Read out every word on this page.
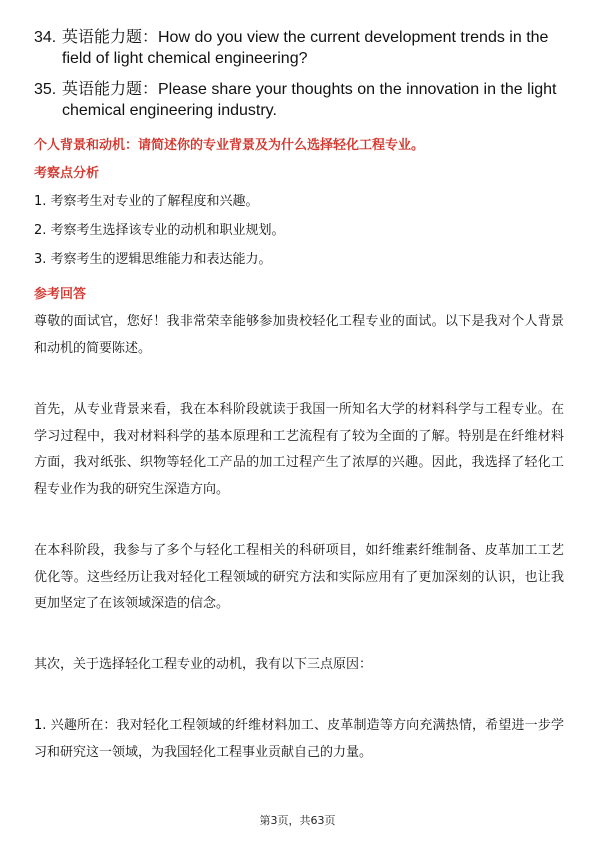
34. 英语能力题：How do you view the current development trends in the field of light chemical engineering?
35. 英语能力题：Please share your thoughts on the innovation in the light chemical engineering industry.
个人背景和动机：请简述你的专业背景及为什么选择轻化工程专业。
考察点分析
1. 考察考生对专业的了解程度和兴趣。
2. 考察考生选择该专业的动机和职业规划。
3. 考察考生的逻辑思维能力和表达能力。
参考回答

尊敬的面试官，您好！我非常荣幸能够参加贵校轻化工程专业的面试。以下是我对个人背景和动机的简要陈述。

首先，从专业背景来看，我在本科阶段就读于我国一所知名大学的材料科学与工程专业。在学习过程中，我对材料科学的基本原理和工艺流程有了较为全面的了解。特别是在纤维材料方面，我对纸张、织物等轻化工产品的加工过程产生了浓厚的兴趣。因此，我选择了轻化工程专业作为我的研究生深造方向。

在本科阶段，我参与了多个与轻化工程相关的科研项目，如纤维素纤维制备、皮革加工工艺优化等。这些经历让我对轻化工程领域的研究方法和实际应用有了更加深刻的认识，也让我更加坚定了在该领域深造的信念。

其次，关于选择轻化工程专业的动机，我有以下三点原因：

1. 兴趣所在：我对轻化工程领域的纤维材料加工、皮革制造等方向充满热情，希望进一步学习和研究这一领域，为我国轻化工程事业贡献自己的力量。

第3页，共63页
